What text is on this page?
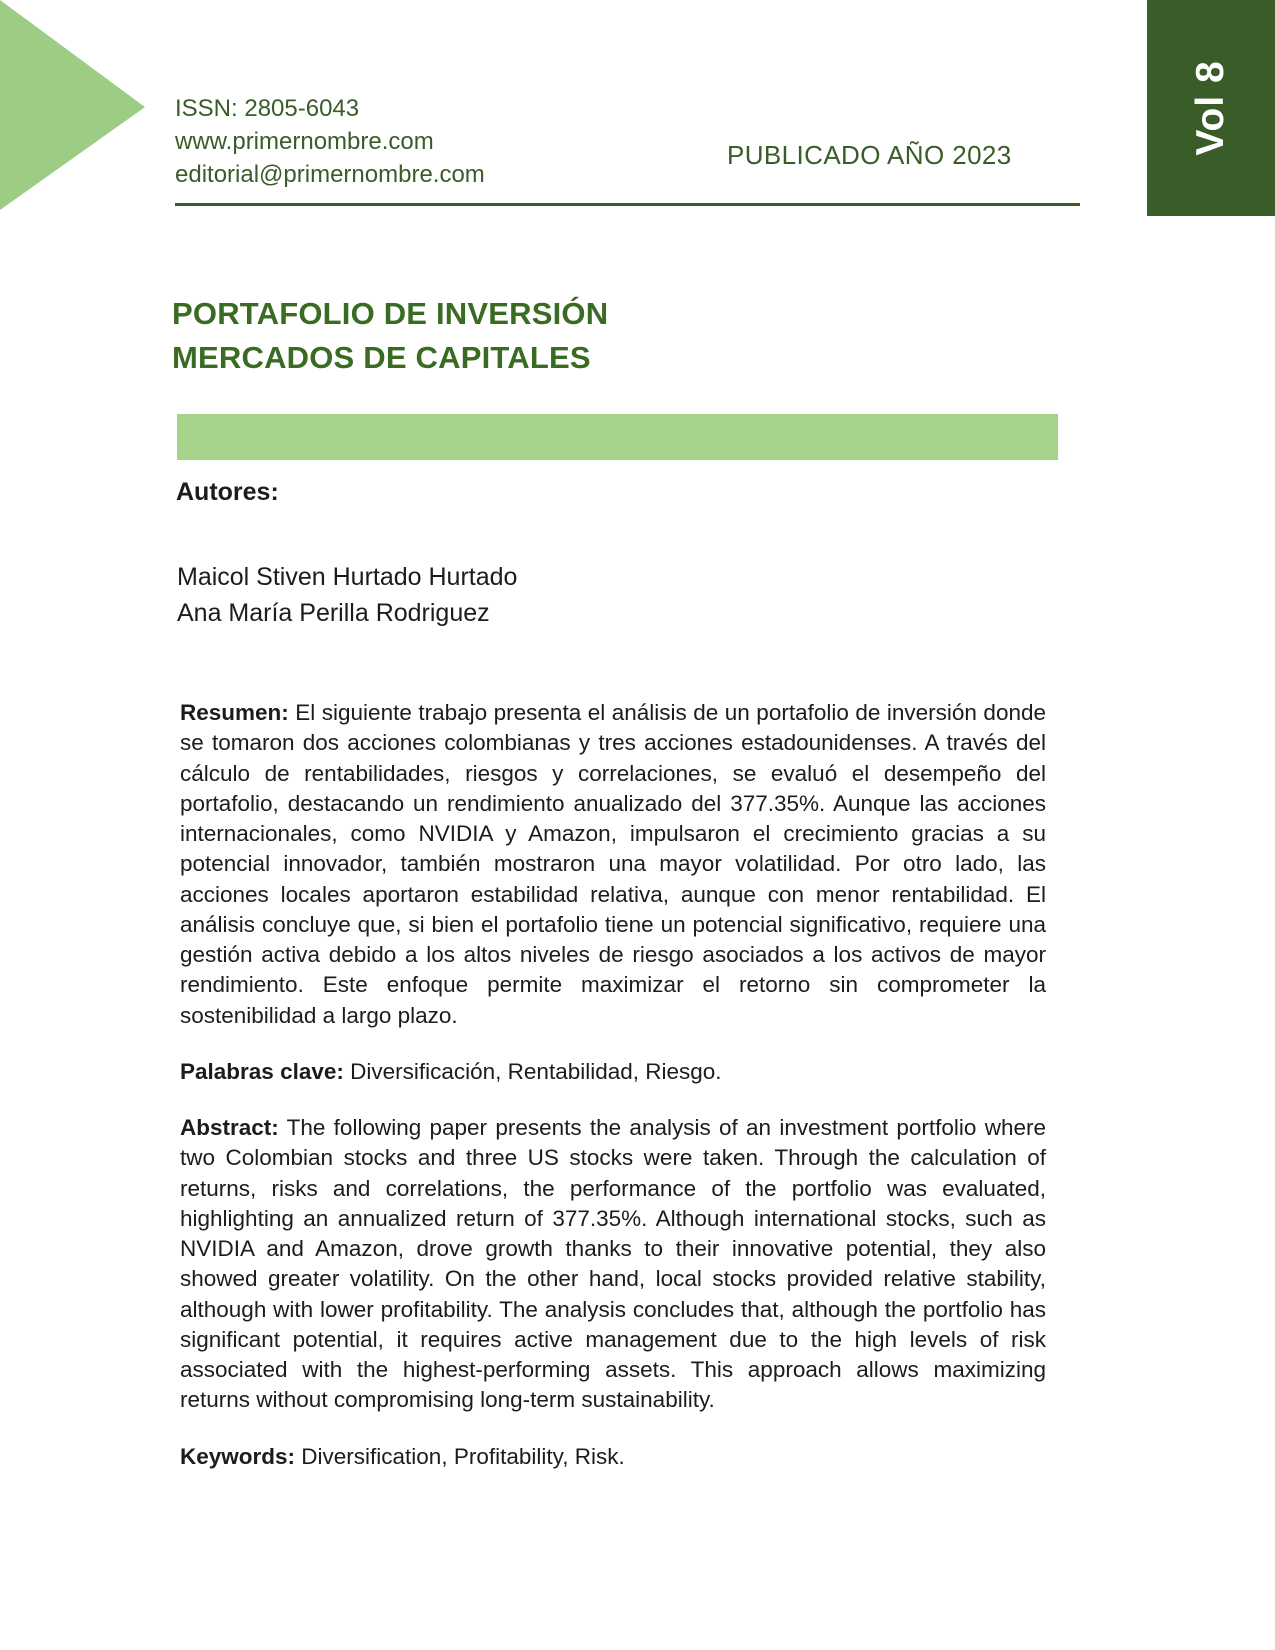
Vol 8
ISSN: 2805-6043
www.primernombre.com
editorial@primernombre.com
PUBLICADO AÑO 2023
PORTAFOLIO DE INVERSIÓN
MERCADOS DE CAPITALES
Autores:
Maicol Stiven Hurtado Hurtado
Ana María Perilla Rodriguez

Resumen: El siguiente trabajo presenta el análisis de un portafolio de inversión donde se tomaron dos acciones colombianas y tres acciones estadounidenses. A través del cálculo de rentabilidades, riesgos y correlaciones, se evaluó el desempeño del portafolio, destacando un rendimiento anualizado del 377.35%. Aunque las acciones internacionales, como NVIDIA y Amazon, impulsaron el crecimiento gracias a su potencial innovador, también mostraron una mayor volatilidad. Por otro lado, las acciones locales aportaron estabilidad relativa, aunque con menor rentabilidad. El análisis concluye que, si bien el portafolio tiene un potencial significativo, requiere una gestión activa debido a los altos niveles de riesgo asociados a los activos de mayor rendimiento. Este enfoque permite maximizar el retorno sin comprometer la sostenibilidad a largo plazo.

Palabras clave: Diversificación, Rentabilidad, Riesgo.

Abstract: The following paper presents the analysis of an investment portfolio where two Colombian stocks and three US stocks were taken. Through the calculation of returns, risks and correlations, the performance of the portfolio was evaluated, highlighting an annualized return of 377.35%. Although international stocks, such as NVIDIA and Amazon, drove growth thanks to their innovative potential, they also showed greater volatility. On the other hand, local stocks provided relative stability, although with lower profitability. The analysis concludes that, although the portfolio has significant potential, it requires active management due to the high levels of risk associated with the highest-performing assets. This approach allows maximizing returns without compromising long-term sustainability.

Keywords: Diversification, Profitability, Risk.
